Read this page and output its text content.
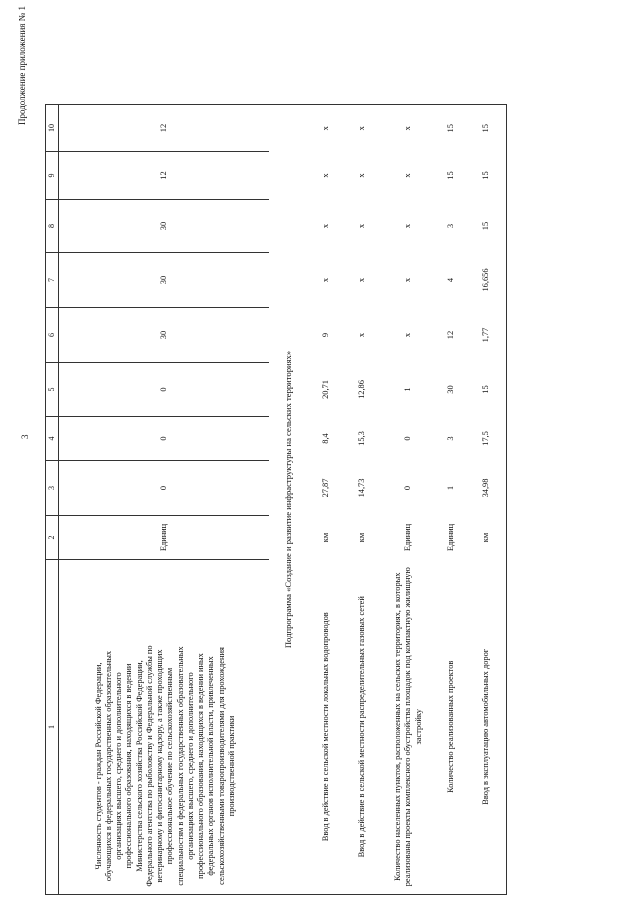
3
Продолжение приложения № 1
1	2	3	4	5	6	7	8	9	10
Численность студентов - граждан Российской Федерации, обучающихся в федеральных государственных образовательных организациях высшего, среднего и дополнительного профессионального образования, находящихся в ведении Министерства сельского хозяйства Российской Федерации, Федерального агентства по рыболовству и Федеральной службы по ветеринарному и фитосанитарному надзору, а также проходящих профессиональное обучение по сельскохозяйственным специальностям в федеральных государственных образовательных организациях высшего, среднего и дополнительного профессионального образования, находящихся в ведении иных федеральных органов исполнительной власти, привлеченных сельскохозяйственными товаропроизводителями для прохождения производственной практики	Единиц	0	0	0	30	30	30	12	12
Подпрограмма «Создание и развитие инфраструктуры на сельских территориях»									
Ввод в действие в сельской местности локальных водопроводов	км	27,87	8,4	20,71	9	x	x	x	x
Ввод в действие в сельской местности распределительных газовых сетей	км	14,73	15,3	12,86	x	x	x	x	x
Количество населенных пунктов, расположенных на сельских территориях, в которых реализованы проекты комплексного обустройства площадок под компактную жилищную застройку	Единиц	0	0	1	x	x	x	x	x
Количество реализованных проектов	Единиц	1	3	30	12	4	3	15	15
Ввод в эксплуатацию автомобильных дорог	км	34,98	17,5	15	1,77	16,656	15	15	15
